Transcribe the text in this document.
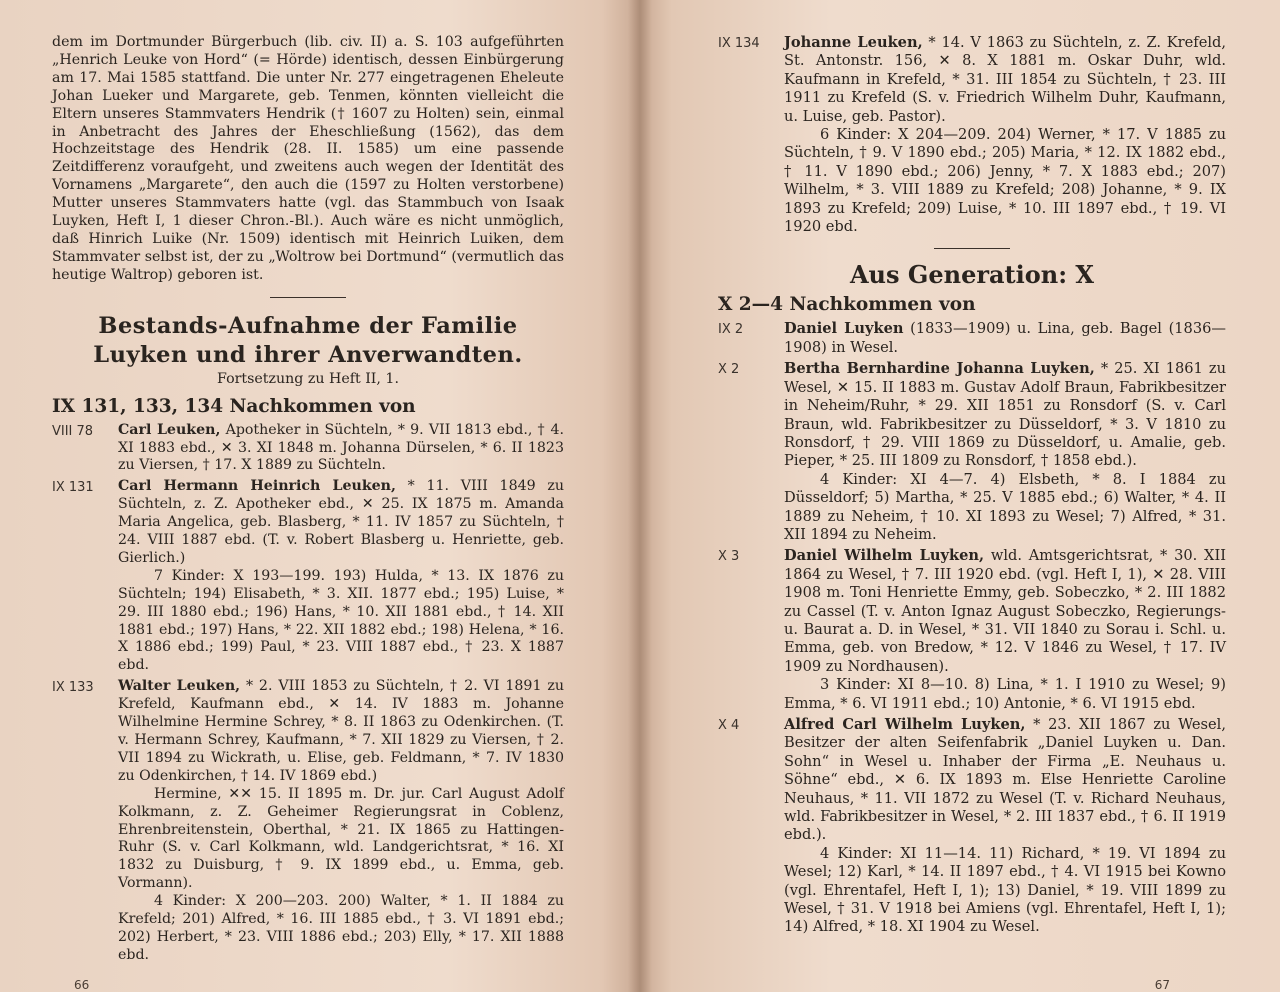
dem im Dortmunder Bürgerbuch (lib. civ. II) a. S. 103 aufgeführten „Henrich Leuke von Hord“ (= Hörde) identisch, dessen Einbürgerung am 17. Mai 1585 stattfand. Die unter Nr. 277 eingetragenen Eheleute Johan Lueker und Margarete, geb. Tenmen, könnten vielleicht die Eltern unseres Stammvaters Hendrik († 1607 zu Holten) sein, einmal in Anbetracht des Jahres der Eheschließung (1562), das dem Hochzeitstage des Hendrik (28. II. 1585) um eine passende Zeitdifferenz voraufgeht, und zweitens auch wegen der Identität des Vornamens „Margarete“, den auch die (1597 zu Holten verstorbene) Mutter unseres Stammvaters hatte (vgl. das Stammbuch von Isaak Luyken, Heft I, 1 dieser Chron.-Bl.). Auch wäre es nicht unmöglich, daß Hinrich Luike (Nr. 1509) identisch mit Heinrich Luiken, dem Stammvater selbst ist, der zu „Woltrow bei Dortmund“ (vermutlich das heutige Waltrop) geboren ist.

Bestands-Aufnahme der Familie Luyken und ihrer Anverwandten.
Fortsetzung zu Heft II, 1.
IX 131, 133, 134 Nachkommen von
VIII 78	Carl Leuken, Apotheker in Süchteln, * 9. VII 1813 ebd., † 4. XI 1883 ebd., ✕ 3. XI 1848 m. Johanna Dürselen, * 6. II 1823 zu Viersen, † 17. X 1889 zu Süchteln.

IX 131	Carl Hermann Heinrich Leuken, * 11. VIII 1849 zu Süchteln, z. Z. Apotheker ebd., ✕ 25. IX 1875 m. Amanda Maria Angelica, geb. Blasberg, * 11. IV 1857 zu Süchteln, † 24. VIII 1887 ebd. (T. v. Robert Blasberg u. Henriette, geb. Gierlich.)

7 Kinder: X 193—199. 193) Hulda, * 13. IX 1876 zu Süchteln; 194) Elisabeth, * 3. XII. 1877 ebd.; 195) Luise, * 29. III 1880 ebd.; 196) Hans, * 10. XII 1881 ebd., † 14. XII 1881 ebd.; 197) Hans, * 22. XII 1882 ebd.; 198) Helena, * 16. X 1886 ebd.; 199) Paul, * 23. VIII 1887 ebd., † 23. X 1887 ebd.

IX 133	Walter Leuken, * 2. VIII 1853 zu Süchteln, † 2. VI 1891 zu Krefeld, Kaufmann ebd., ✕ 14. IV 1883 m. Johanne Wilhelmine Hermine Schrey, * 8. II 1863 zu Odenkirchen. (T. v. Hermann Schrey, Kaufmann, * 7. XII 1829 zu Viersen, † 2. VII 1894 zu Wickrath, u. Elise, geb. Feldmann, * 7. IV 1830 zu Odenkirchen, † 14. IV 1869 ebd.)

Hermine, ✕✕ 15. II 1895 m. Dr. jur. Carl August Adolf Kolkmann, z. Z. Geheimer Regierungsrat in Coblenz, Ehrenbreitenstein, Oberthal, * 21. IX 1865 zu Hattingen-Ruhr (S. v. Carl Kolkmann, wld. Landgerichtsrat, * 16. XI 1832 zu Duisburg, † 9. IX 1899 ebd., u. Emma, geb. Vormann).

4 Kinder: X 200—203. 200) Walter, * 1. II 1884 zu Krefeld; 201) Alfred, * 16. III 1885 ebd., † 3. VI 1891 ebd.; 202) Herbert, * 23. VIII 1886 ebd.; 203) Elly, * 17. XII 1888 ebd.

66
IX 134	Johanne Leuken, * 14. V 1863 zu Süchteln, z. Z. Krefeld, St. Antonstr. 156, ✕ 8. X 1881 m. Oskar Duhr, wld. Kaufmann in Krefeld, * 31. III 1854 zu Süchteln, † 23. III 1911 zu Krefeld (S. v. Friedrich Wilhelm Duhr, Kaufmann, u. Luise, geb. Pastor).

6 Kinder: X 204—209. 204) Werner, * 17. V 1885 zu Süchteln, † 9. V 1890 ebd.; 205) Maria, * 12. IX 1882 ebd., † 11. V 1890 ebd.; 206) Jenny, * 7. X 1883 ebd.; 207) Wilhelm, * 3. VIII 1889 zu Krefeld; 208) Johanne, * 9. IX 1893 zu Krefeld; 209) Luise, * 10. III 1897 ebd., † 19. VI 1920 ebd.

Aus Generation: X
X 2—4 Nachkommen von
IX 2	Daniel Luyken (1833—1909) u. Lina, geb. Bagel (1836—1908) in Wesel.

X 2	Bertha Bernhardine Johanna Luyken, * 25. XI 1861 zu Wesel, ✕ 15. II 1883 m. Gustav Adolf Braun, Fabrikbesitzer in Neheim/Ruhr, * 29. XII 1851 zu Ronsdorf (S. v. Carl Braun, wld. Fabrikbesitzer zu Düsseldorf, * 3. V 1810 zu Ronsdorf, † 29. VIII 1869 zu Düsseldorf, u. Amalie, geb. Pieper, * 25. III 1809 zu Ronsdorf, † 1858 ebd.).

4 Kinder: XI 4—7. 4) Elsbeth, * 8. I 1884 zu Düsseldorf; 5) Martha, * 25. V 1885 ebd.; 6) Walter, * 4. II 1889 zu Neheim, † 10. XI 1893 zu Wesel; 7) Alfred, * 31. XII 1894 zu Neheim.

X 3	Daniel Wilhelm Luyken, wld. Amtsgerichtsrat, * 30. XII 1864 zu Wesel, † 7. III 1920 ebd. (vgl. Heft I, 1), ✕ 28. VIII 1908 m. Toni Henriette Emmy, geb. Sobeczko, * 2. III 1882 zu Cassel (T. v. Anton Ignaz August Sobeczko, Regierungs- u. Baurat a. D. in Wesel, * 31. VII 1840 zu Sorau i. Schl. u. Emma, geb. von Bredow, * 12. V 1846 zu Wesel, † 17. IV 1909 zu Nordhausen).

3 Kinder: XI 8—10. 8) Lina, * 1. I 1910 zu Wesel; 9) Emma, * 6. VI 1911 ebd.; 10) Antonie, * 6. VI 1915 ebd.

X 4	Alfred Carl Wilhelm Luyken, * 23. XII 1867 zu Wesel, Besitzer der alten Seifenfabrik „Daniel Luyken u. Dan. Sohn“ in Wesel u. Inhaber der Firma „E. Neuhaus u. Söhne“ ebd., ✕ 6. IX 1893 m. Else Henriette Caroline Neuhaus, * 11. VII 1872 zu Wesel (T. v. Richard Neuhaus, wld. Fabrikbesitzer in Wesel, * 2. III 1837 ebd., † 6. II 1919 ebd.).

4 Kinder: XI 11—14. 11) Richard, * 19. VI 1894 zu Wesel; 12) Karl, * 14. II 1897 ebd., † 4. VI 1915 bei Kowno (vgl. Ehrentafel, Heft I, 1); 13) Daniel, * 19. VIII 1899 zu Wesel, † 31. V 1918 bei Amiens (vgl. Ehrentafel, Heft I, 1); 14) Alfred, * 18. XI 1904 zu Wesel.

67
